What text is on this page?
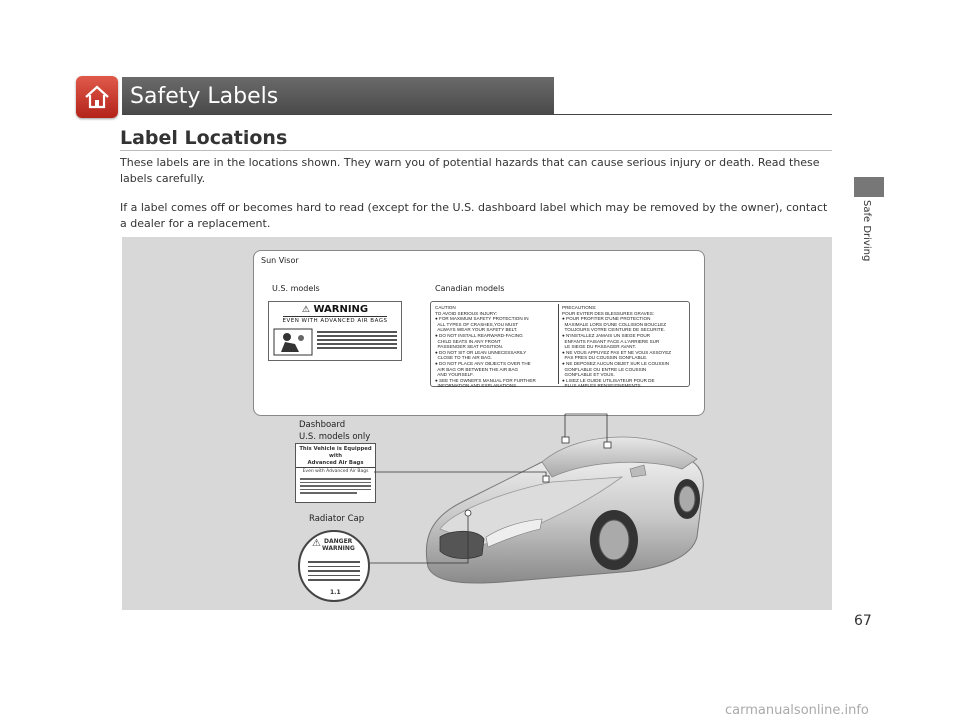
Safety Labels
Safe Driving
Label Locations
These labels are in the locations shown. They warn you of potential hazards that can cause serious injury or death. Read these labels carefully.
If a label comes off or becomes hard to read (except for the U.S. dashboard label which may be removed by the owner), contact a dealer for a replacement.
Sun Visor
U.S. models	Canadian models
⚠ WARNING
EVEN WITH ADVANCED AIR BAGS
CAUTION
TO AVOID SERIOUS INJURY:
● FOR MAXIMUM SAFETY PROTECTION IN
ALL TYPES OF CRASHES,YOU MUST
ALWAYS WEAR YOUR SAFETY BELT.
● DO NOT INSTALL REARWARD-FACING
CHILD SEATS IN ANY FRONT
PASSENGER SEAT POSITION.
● DO NOT SIT OR LEAN UNNECESSARILY
CLOSE TO THE AIR BAG.
● DO NOT PLACE ANY OBJECTS OVER THE
AIR BAG OR BETWEEN THE AIR BAG
AND YOURSELF.
● SEE THE OWNER'S MANUAL FOR FURTHER
INFORMATION AND EXPLANATIONS.
PRECAUTIONS:
POUR EVITER DES BLESSURES GRAVES:
● POUR PROFITER D'UNE PROTECTION
MAXIMALE LORS D'UNE COLLISION BOUCLEZ
TOUJOURS VOTRE CEINTURE DE SECURITE.
● N'INSTALLEZ JAMAIS UN SIEGE POUR
ENFANTS FAISANT FACE A L'ARRIERE SUR
LE SIEGE DU PASSAGER AVANT.
● NE VOUS APPUYEZ PAS ET NE VOUS ASSOYEZ
PAS PRES DU COUSSIN GONFLABLE.
● NE DEPOSEZ AUCUN OBJET SUR LE COUSSIN
GONFLABLE OU ENTRE LE COUSSIN
GONFLABLE ET VOUS.
● LISEZ LE GUIDE UTILISATEUR POUR DE
PLUS AMPLES RENSEIGNEMENTS.
Dashboard
U.S. models only
Radiator Cap
This Vehicle is Equipped with
Advanced Air Bags
Even with Advanced Air Bags
⚠ DANGER
WARNING
1.1
67
carmanualsonline.info
